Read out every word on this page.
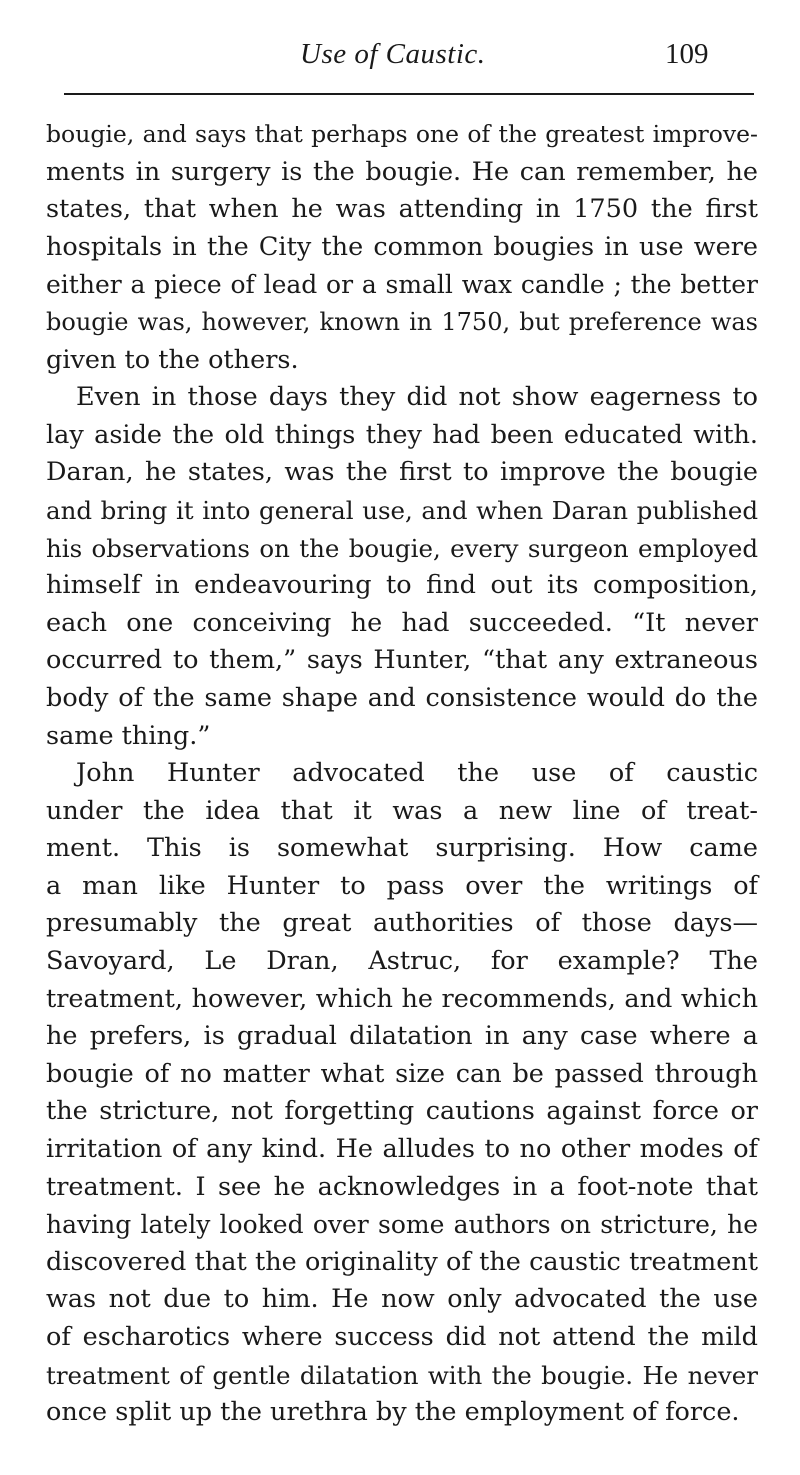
Use of Caustic.	109
bougie, and says that perhaps one of the greatest improve-
ments in surgery is the bougie. He can remember, he
states, that when he was attending in 1750 the first
hospitals in the City the common bougies in use were
either a piece of lead or a small wax candle ; the better
bougie was, however, known in 1750, but preference was
given to the others.
Even in those days they did not show eagerness to
lay aside the old things they had been educated with.
Daran, he states, was the first to improve the bougie
and bring it into general use, and when Daran published
his observations on the bougie, every surgeon employed
himself in endeavouring to find out its composition,
each one conceiving he had succeeded. “It never
occurred to them,” says Hunter, “that any extraneous
body of the same shape and consistence would do the
same thing.”
John Hunter advocated the use of caustic
under the idea that it was a new line of treat-
ment. This is somewhat surprising. How came
a man like Hunter to pass over the writings of
presumably the great authorities of those days—
Savoyard, Le Dran, Astruc, for example? The
treatment, however, which he recommends, and which
he prefers, is gradual dilatation in any case where a
bougie of no matter what size can be passed through
the stricture, not forgetting cautions against force or
irritation of any kind. He alludes to no other modes of
treatment. I see he acknowledges in a foot-note that
having lately looked over some authors on stricture, he
discovered that the originality of the caustic treatment
was not due to him. He now only advocated the use
of escharotics where success did not attend the mild
treatment of gentle dilatation with the bougie. He never
once split up the urethra by the employment of force.
